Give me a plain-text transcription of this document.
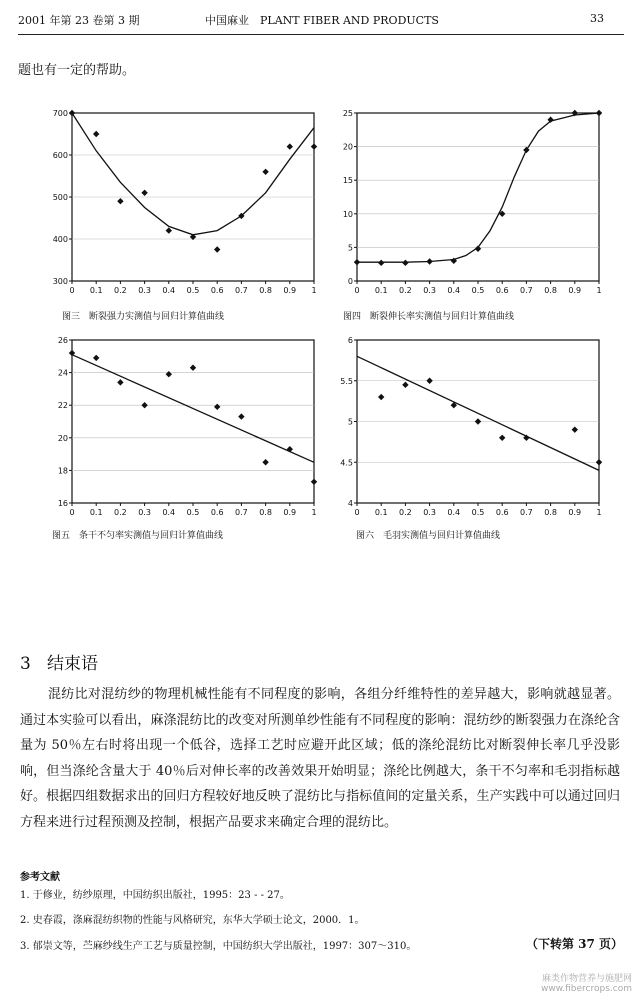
2001 年第 23 卷第 3 期	中国麻业　PLANT FIBER AND PRODUCTS	33
题也有一定的帮助。
300
400
500
600
700
0 0.1 0.2 0.3 0.4 0.5 0.6 0.7 0.8 0.9 1
图三　断裂强力实测值与回归计算值曲线
0
5
10
15
20
25
0 0.1 0.2 0.3 0.4 0.5 0.6 0.7 0.8 0.9 1
图四　断裂伸长率实测值与回归计算值曲线
16
18
20
22
24
26
0 0.1 0.2 0.3 0.4 0.5 0.6 0.7 0.8 0.9 1
图五　条干不匀率实测值与回归计算值曲线
4
4.5
5
5.5
6
0 0.1 0.2 0.3 0.4 0.5 0.6 0.7 0.8 0.9 1
图六　毛羽实测值与回归计算值曲线
3 结束语
混纺比对混纺纱的物理机械性能有不同程度的影响，各组分纤维特性的差异越大，影响就越显著。通过本实验可以看出，麻涤混纺比的改变对所测单纱性能有不同程度的影响：混纺纱的断裂强力在涤纶含量为 50％左右时将出现一个低谷，选择工艺时应避开此区域；低的涤纶混纺比对断裂伸长率几乎没影响，但当涤纶含量大于 40％后对伸长率的改善效果开始明显；涤纶比例越大，条干不匀率和毛羽指标越好。根据四组数据求出的回归方程较好地反映了混纺比与指标值间的定量关系，生产实践中可以通过回归方程来进行过程预测及控制，根据产品要求来确定合理的混纺比。
参考文献
1. 于修业，纺纱原理，中国纺织出版社，1995：23 - - 27。
2. 史春霞，涤麻混纺织物的性能与风格研究，东华大学硕士论文，2000．1。
3. 郁崇文等，苎麻纱线生产工艺与质量控制，中国纺织大学出版社，1997：307～310。	（下转第 37 页）
麻类作物营养与施肥网
www.fibercrops.com
